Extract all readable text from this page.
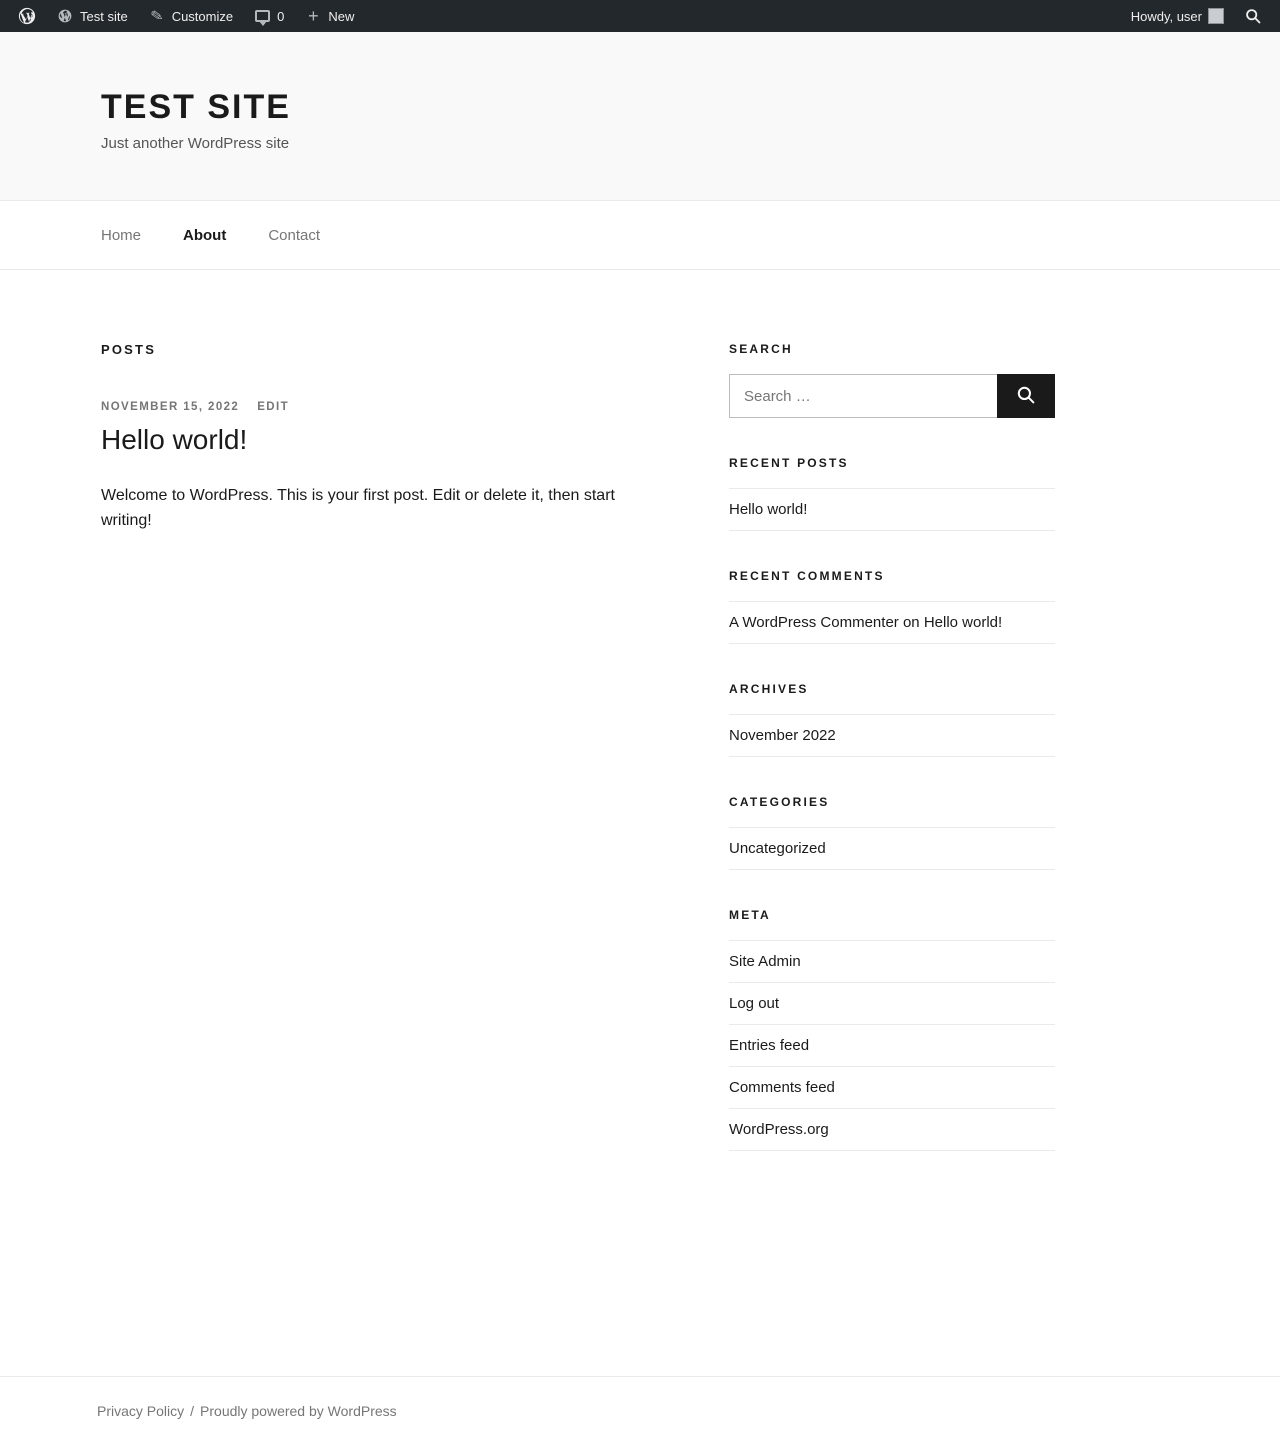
Test site ✎ Customize	0 + New	Howdy, user
TEST SITE

Just another WordPress site

Home	About	Contact
POSTS
NOVEMBER 15, 2022 EDIT
Hello world!

Welcome to WordPress. This is your first post. Edit or delete it, then start writing!

SEARCH
Search …
RECENT POSTS
Hello world!
RECENT COMMENTS
A WordPress Commenter on Hello world!
ARCHIVES
November 2022
CATEGORIES
Uncategorized
META
Site Admin
Log out
Entries feed
Comments feed
WordPress.org
Privacy Policy / Proudly powered by WordPress
